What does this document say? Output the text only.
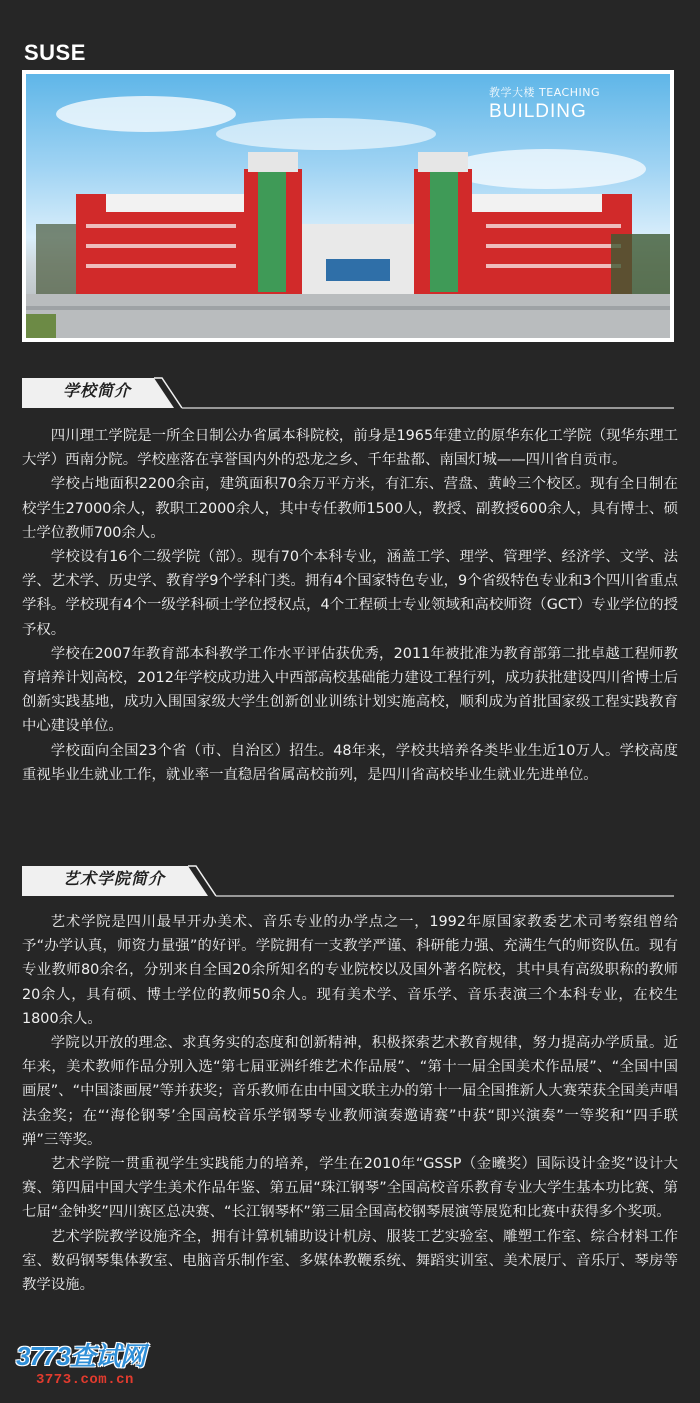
SUSE
教学大楼 TEACHING
BUILDING
学校简介

四川理工学院是一所全日制公办省属本科院校，前身是1965年建立的原华东化工学院（现华东理工大学）西南分院。学校座落在享誉国内外的恐龙之乡、千年盐都、南国灯城——四川省自贡市。

学校占地面积2200余亩，建筑面积70余万平方米，有汇东、营盘、黄岭三个校区。现有全日制在校学生27000余人，教职工2000余人，其中专任教师1500人，教授、副教授600余人，具有博士、硕士学位教师700余人。

学校设有16个二级学院（部）。现有70个本科专业，涵盖工学、理学、管理学、经济学、文学、法学、艺术学、历史学、教育学9个学科门类。拥有4个国家特色专业，9个省级特色专业和3个四川省重点学科。学校现有4个一级学科硕士学位授权点，4个工程硕士专业领域和高校师资（GCT）专业学位的授予权。

学校在2007年教育部本科教学工作水平评估获优秀，2011年被批准为教育部第二批卓越工程师教育培养计划高校，2012年学校成功进入中西部高校基础能力建设工程行列，成功获批建设四川省博士后创新实践基地，成功入围国家级大学生创新创业训练计划实施高校，顺利成为首批国家级工程实践教育中心建设单位。

学校面向全国23个省（市、自治区）招生。48年来，学校共培养各类毕业生近10万人。学校高度重视毕业生就业工作，就业率一直稳居省属高校前列，是四川省高校毕业生就业先进单位。

艺术学院简介

艺术学院是四川最早开办美术、音乐专业的办学点之一，1992年原国家教委艺术司考察组曾给予“办学认真，师资力量强”的好评。学院拥有一支教学严谨、科研能力强、充满生气的师资队伍。现有专业教师80余名，分别来自全国20余所知名的专业院校以及国外著名院校，其中具有高级职称的教师20余人，具有硕、博士学位的教师50余人。现有美术学、音乐学、音乐表演三个本科专业，在校生1800余人。

学院以开放的理念、求真务实的态度和创新精神，积极探索艺术教育规律，努力提高办学质量。近年来，美术教师作品分别入选“第七届亚洲纤维艺术作品展”、“第十一届全国美术作品展”、“全国中国画展”、“中国漆画展”等并获奖；音乐教师在由中国文联主办的第十一届全国推新人大赛荣获全国美声唱法金奖；在“‘海伦钢琴’全国高校音乐学钢琴专业教师演奏邀请赛”中获“即兴演奏”一等奖和“四手联弹”三等奖。

艺术学院一贯重视学生实践能力的培养，学生在2010年“GSSP（金曦奖）国际设计金奖”设计大赛、第四届中国大学生美术作品年鉴、第五届“珠江钢琴”全国高校音乐教育专业大学生基本功比赛、第七届“金钟奖”四川赛区总决赛、“长江钢琴杯”第三届全国高校钢琴展演等展览和比赛中获得多个奖项。

艺术学院教学设施齐全，拥有计算机辅助设计机房、服装工艺实验室、雕塑工作室、综合材料工作室、数码钢琴集体教室、电脑音乐制作室、多媒体教鞭系统、舞蹈实训室、美术展厅、音乐厅、琴房等教学设施。

3773查试网
3773.com.cn
